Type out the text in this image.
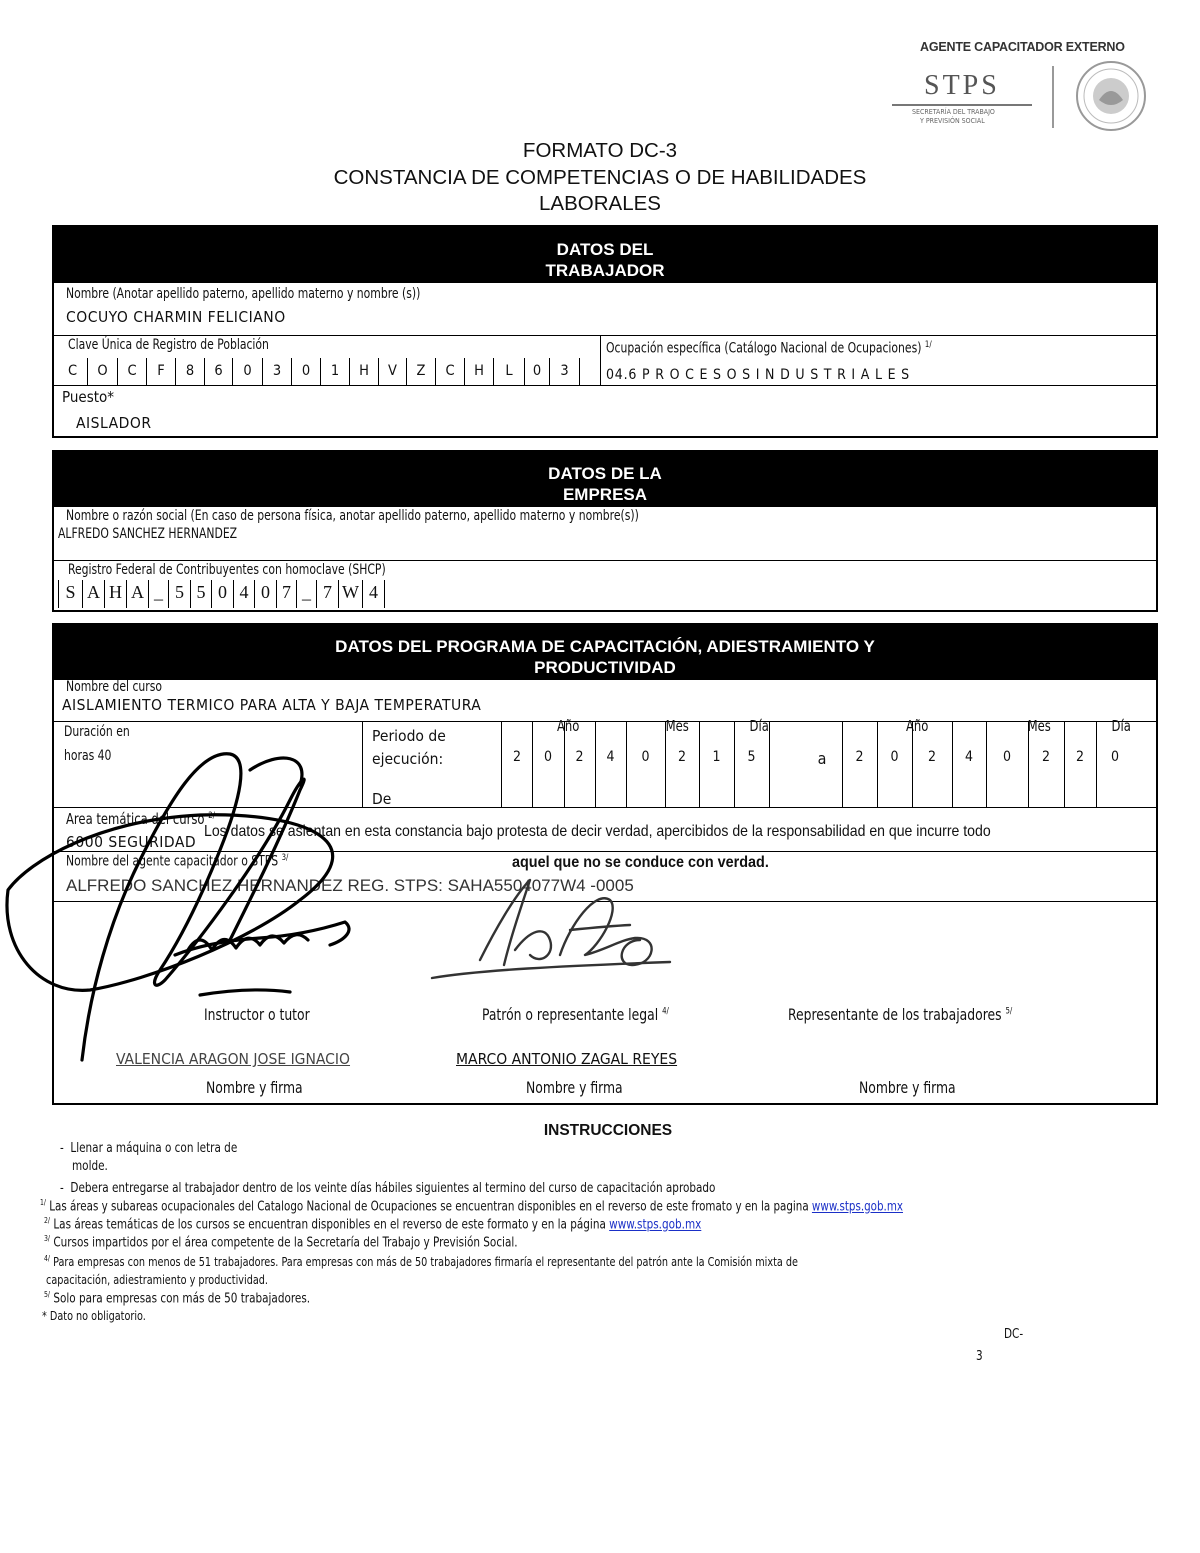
AGENTE CAPACITADOR EXTERNO
STPS
SECRETARÍA DEL TRABAJO
Y PREVISIÓN SOCIAL
FORMATO DC-3
CONSTANCIA DE COMPETENCIAS O DE HABILIDADES
LABORALES
DATOS DEL
TRABAJADOR
Nombre (Anotar apellido paterno, apellido materno y nombre (s))
COCUYO CHARMIN FELICIANO
Clave Única de Registro de Población
C	O	C	F	8	6	0	3	0	1	H	V	Z	C	H	L	0	3
Ocupación específica (Catálogo Nacional de Ocupaciones) $^{1/}$
04.6 P R O C E S O S I N D U S T R I A L E S
Puesto*
AISLADOR
DATOS DE LA
EMPRESA
Nombre o razón social (En caso de persona física, anotar apellido paterno, apellido materno y nombre(s))
ALFREDO SANCHEZ HERNANDEZ
Registro Federal de Contribuyentes con homoclave (SHCP)
S A H A _ 5 5 0 4 0 7 _ 7 W 4
DATOS DEL PROGRAMA DE CAPACITACIÓN, ADIESTRAMIENTO Y
PRODUCTIVIDAD
Nombre del curso
AISLAMIENTO TERMICO PARA ALTA Y BAJA TEMPERATURA
Duración en
horas 40
Periodo de
ejecución:
De
Año	Mes	Día	Año	Mes	Día
2	0	2	4	0	2	1	5	a	2	0	2	4	0	2	2	0
Area temática del curso $^{2/}$
6000 SEGURIDAD
Los datos se asientan en esta constancia bajo protesta de decir verdad, apercibidos de la responsabilidad en que incurre todo
Nombre del agente capacitador o STPS $^{3/}$	aquel que no se conduce con verdad.
ALFREDO SANCHEZ HERNANDEZ REG. STPS: SAHA5504077W4 -0005
Instructor o tutor	Patrón o representante legal $^{4/}$	Representante de los trabajadores $^{5/}$
VALENCIA ARAGON JOSE IGNACIO	MARCO ANTONIO ZAGAL REYES
Nombre y firma	Nombre y firma	Nombre y firma
INSTRUCCIONES
-  Llenar a máquina o con letra de
molde.
-  Debera entregarse al trabajador dentro de los veinte días hábiles siguientes al termino del curso de capacitación aprobado
$^{1/}$ Las áreas y subareas ocupacionales del Catalogo Nacional de Ocupaciones se encuentran disponibles en el reverso de este fromato y en la pagina www.stps.gob.mx
$^{2/}$ Las áreas temáticas de los cursos se encuentran disponibles en el reverso de este formato y en la página www.stps.gob.mx
$^{3/}$ Cursos impartidos por el área competente de la Secretaría del Trabajo y Previsión Social.
$^{4/}$ Para empresas con menos de 51 trabajadores. Para empresas con más de 50 trabajadores firmaría el representante del patrón ante la Comisión mixta de
capacitación, adiestramiento y productividad.
$^{5/}$ Solo para empresas con más de 50 trabajadores.
* Dato no obligatorio.
DC-
3
